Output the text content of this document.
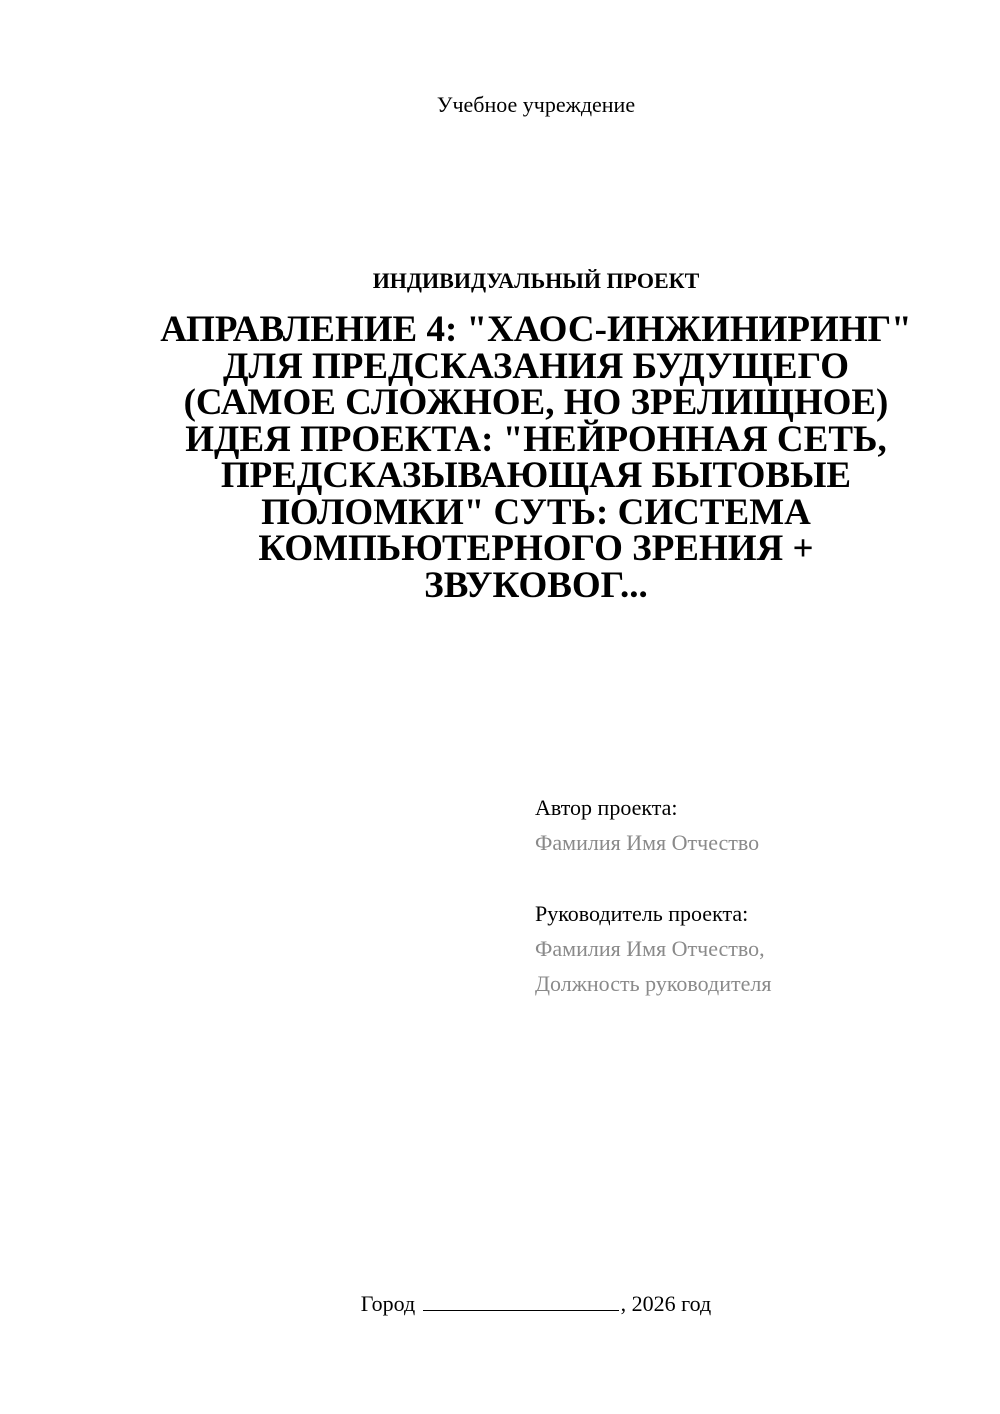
Учебное учреждение
ИНДИВИДУАЛЬНЫЙ ПРОЕКТ
АПРАВЛЕНИЕ 4: "ХАОС-ИНЖИНИРИНГ" ДЛЯ ПРЕДСКАЗАНИЯ БУДУЩЕГО (САМОЕ СЛОЖНОЕ, НО ЗРЕЛИЩНОЕ) ИДЕЯ ПРОЕКТА: "НЕЙРОННАЯ СЕТЬ, ПРЕДСКАЗЫВАЮЩАЯ БЫТОВЫЕ ПОЛОМКИ" СУТЬ: СИСТЕМА КОМПЬЮТЕРНОГО ЗРЕНИЯ + ЗВУКОВОГ...
Автор проекта:
Фамилия Имя Отчество
Руководитель проекта:
Фамилия Имя Отчество,
Должность руководителя
Город	, 2026 год
